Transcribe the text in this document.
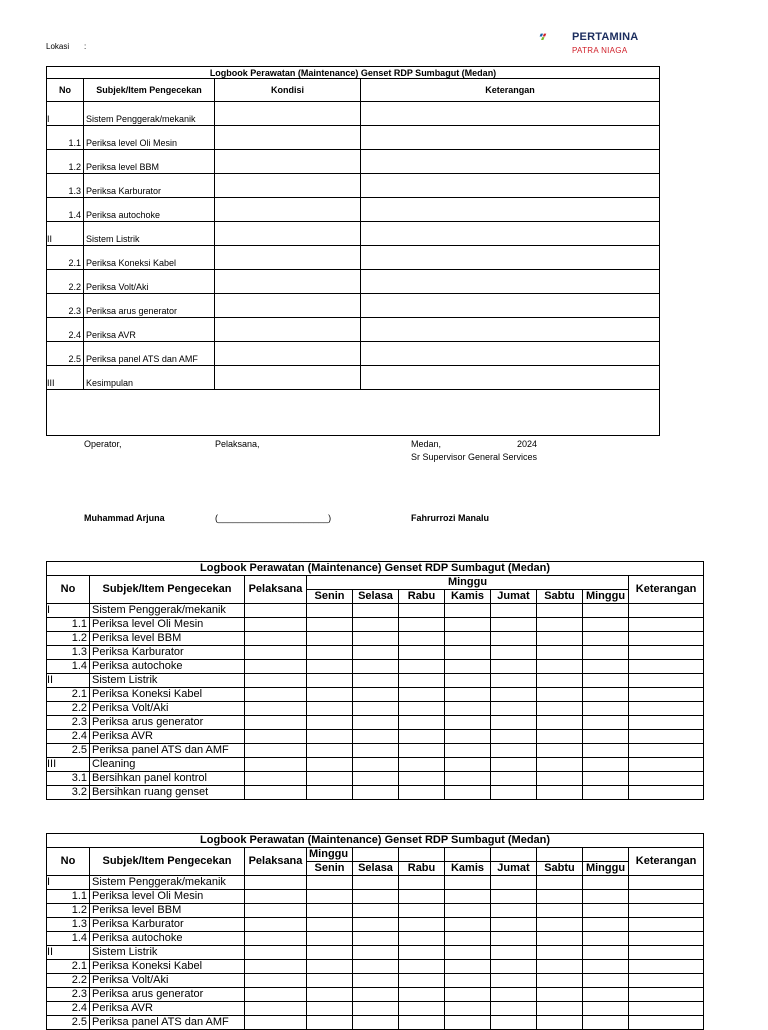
Lokasi :
PERTAMINA
PATRA NIAGA
Logbook Perawatan (Maintenance) Genset RDP Sumbagut (Medan)			
No	Subjek/Item Pengecekan	Kondisi	Keterangan
I	Sistem Penggerak/mekanik		
1.1	Periksa level Oli Mesin		
1.2	Periksa level BBM		
1.3	Periksa Karburator		
1.4	Periksa autochoke		
II	Sistem Listrik		
2.1	Periksa Koneksi Kabel		
2.2	Periksa Volt/Aki		
2.3	Periksa arus generator		
2.4	Periksa AVR		
2.5	Periksa panel ATS dan AMF		
III	Kesimpulan		

Operator,	Pelaksana,	Medan,	2024
Sr Supervisor General Services
Muhammad Arjuna	(______________________)	Fahrurrozi Manalu
Logbook Perawatan (Maintenance) Genset RDP Sumbagut (Medan)										
No	Subjek/Item Pengecekan	Pelaksana	Minggu							Keterangan
			Senin	Selasa	Rabu	Kamis	Jumat	Sabtu	Minggu	
I	Sistem Penggerak/mekanik									
1.1	Periksa level Oli Mesin									
1.2	Periksa level BBM									
1.3	Periksa Karburator									
1.4	Periksa autochoke									
II	Sistem Listrik									
2.1	Periksa Koneksi Kabel									
2.2	Periksa Volt/Aki									
2.3	Periksa arus generator									
2.4	Periksa AVR									
2.5	Periksa panel ATS dan AMF									
III	Cleaning									
3.1	Bersihkan panel kontrol									
3.2	Bersihkan ruang genset									
Logbook Perawatan (Maintenance) Genset RDP Sumbagut (Medan)										
No	Subjek/Item Pengecekan	Pelaksana	Minggu							Keterangan
			Senin	Selasa	Rabu	Kamis	Jumat	Sabtu	Minggu	
I	Sistem Penggerak/mekanik									
1.1	Periksa level Oli Mesin									
1.2	Periksa level BBM									
1.3	Periksa Karburator									
1.4	Periksa autochoke									
II	Sistem Listrik									
2.1	Periksa Koneksi Kabel									
2.2	Periksa Volt/Aki									
2.3	Periksa arus generator									
2.4	Periksa AVR									
2.5	Periksa panel ATS dan AMF									
